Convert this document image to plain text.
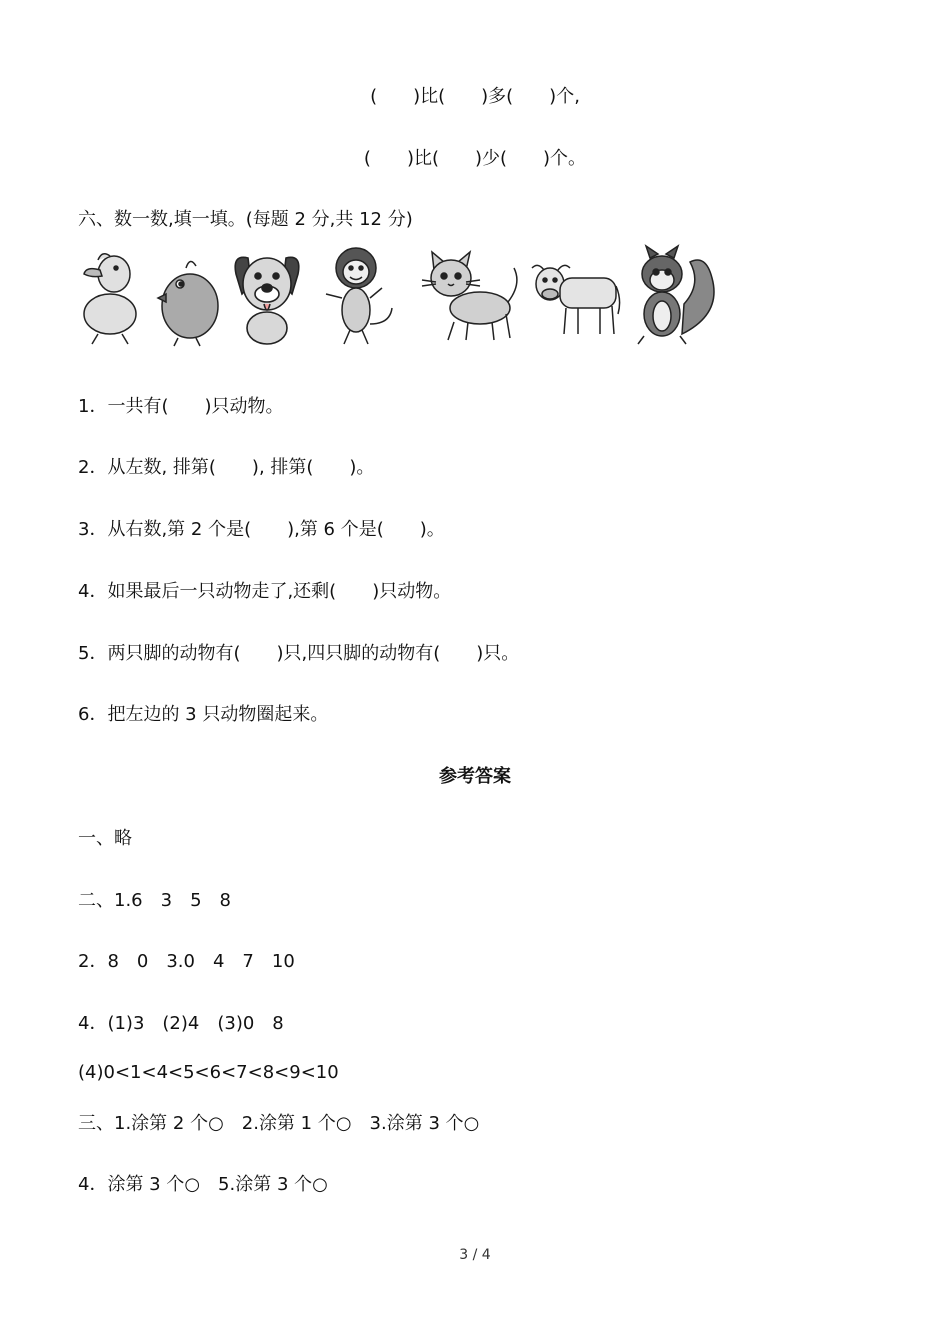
(　　)比(　　)多(　　)个,
(　　)比(　　)少(　　)个。
六、数一数,填一填。(每题 2 分,共 12 分)
1．一共有(　　)只动物。
2．从左数, 排第(　　), 排第(　　)。
3．从右数,第 2 个是(　　),第 6 个是(　　)。
4．如果最后一只动物走了,还剩(　　)只动物。
5．两只脚的动物有(　　)只,四只脚的动物有(　　)只。
6．把左边的 3 只动物圈起来。
参考答案
一、略
二、1.6　3　5　8
2．8　0　3.0　4　7　10
4．(1)3　(2)4　(3)0　8
(4)0<1<4<5<6<7<8<9<10
三、1.涂第 2 个○　2.涂第 1 个○　3.涂第 3 个○
4．涂第 3 个○　5.涂第 3 个○
3 / 4
